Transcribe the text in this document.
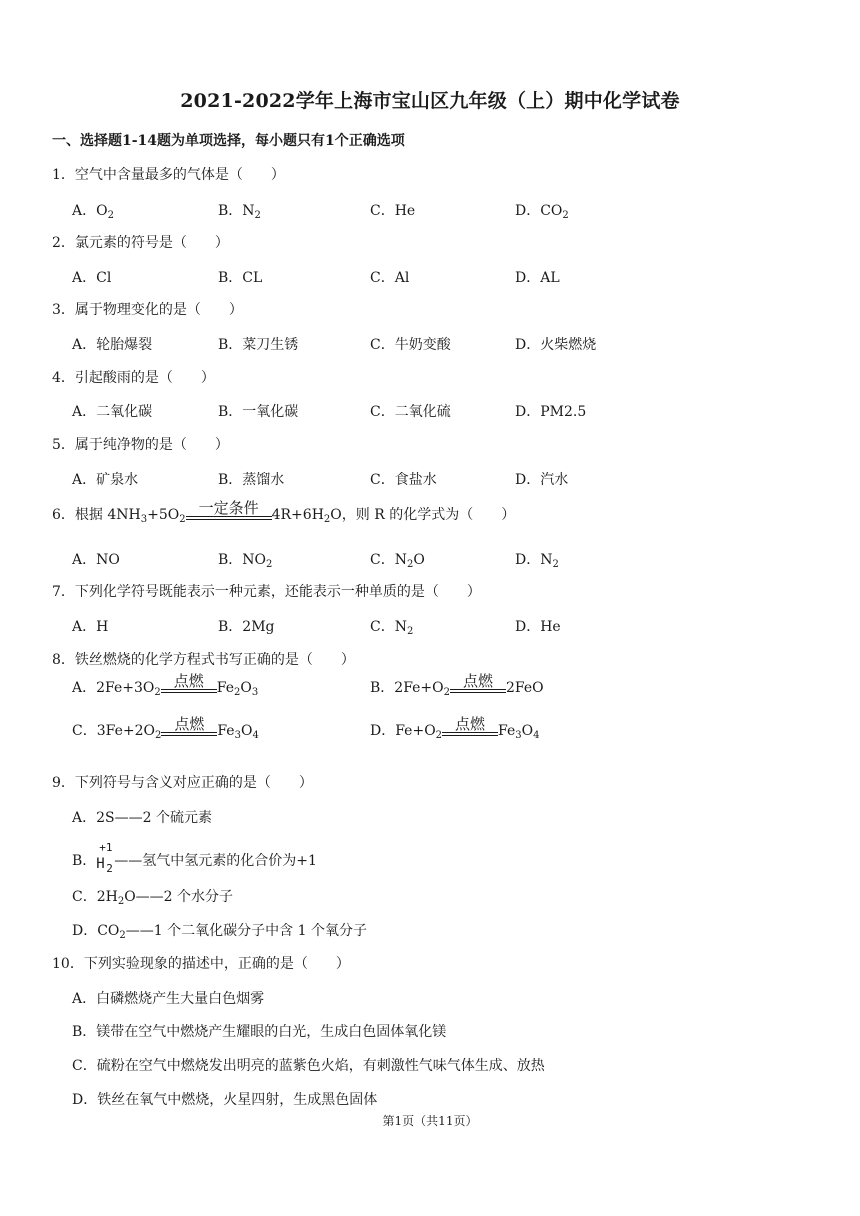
2021-2022学年上海市宝山区九年级（上）期中化学试卷
一、选择题1-14题为单项选择，每小题只有1个正确选项
1．空气中含量最多的气体是（　　）
A．$O_2$	B．$N_2$	C．He	D．$CO_2$
2．氯元素的符号是（　　）
A．Cl	B．CL	C．Al	D．AL
3．属于物理变化的是（　　）
A．轮胎爆裂	B．菜刀生锈	C．牛奶变酸	D．火柴燃烧
4．引起酸雨的是（　　）
A．二氧化碳	B．一氧化碳	C．二氧化硫	D．PM2.5
5．属于纯净物的是（　　）
A．矿泉水	B．蒸馏水	C．食盐水	D．汽水
6．根据 $4NH_3+5O_2$
一定条件 $4R+6H_2O$，则 R 的化学式为（　　）
A．NO	B．$NO_2$	C．$N_2O$	D．$N_2$
7．下列化学符号既能表示一种元素，还能表示一种单质的是（　　）
A．H	B．2Mg	C．$N_2$	D．He
8．铁丝燃烧的化学方程式书写正确的是（　　）
A．$2Fe+3O_2$
点燃 $Fe_2O_3$	B．$2Fe+O_2$
点燃 2FeO
C．$3Fe+2O_2$
点燃 $Fe_3O_4$	D．$Fe+O_2$
点燃 $Fe_3O_4$
9．下列符号与含义对应正确的是（　　）
A．2S——2 个硫元素
B．
+1
H 2 ——氢气中氢元素的化合价为+1
C．$2H_2O——2$ 个水分子
D．$CO_2——1$ 个二氧化碳分子中含 1 个氧分子
10．下列实验现象的描述中，正确的是（　　）
A．白磷燃烧产生大量白色烟雾
B．镁带在空气中燃烧产生耀眼的白光，生成白色固体氧化镁
C．硫粉在空气中燃烧发出明亮的蓝紫色火焰，有刺激性气味气体生成、放热
D．铁丝在氧气中燃烧，火星四射，生成黑色固体
第1页（共11页）
